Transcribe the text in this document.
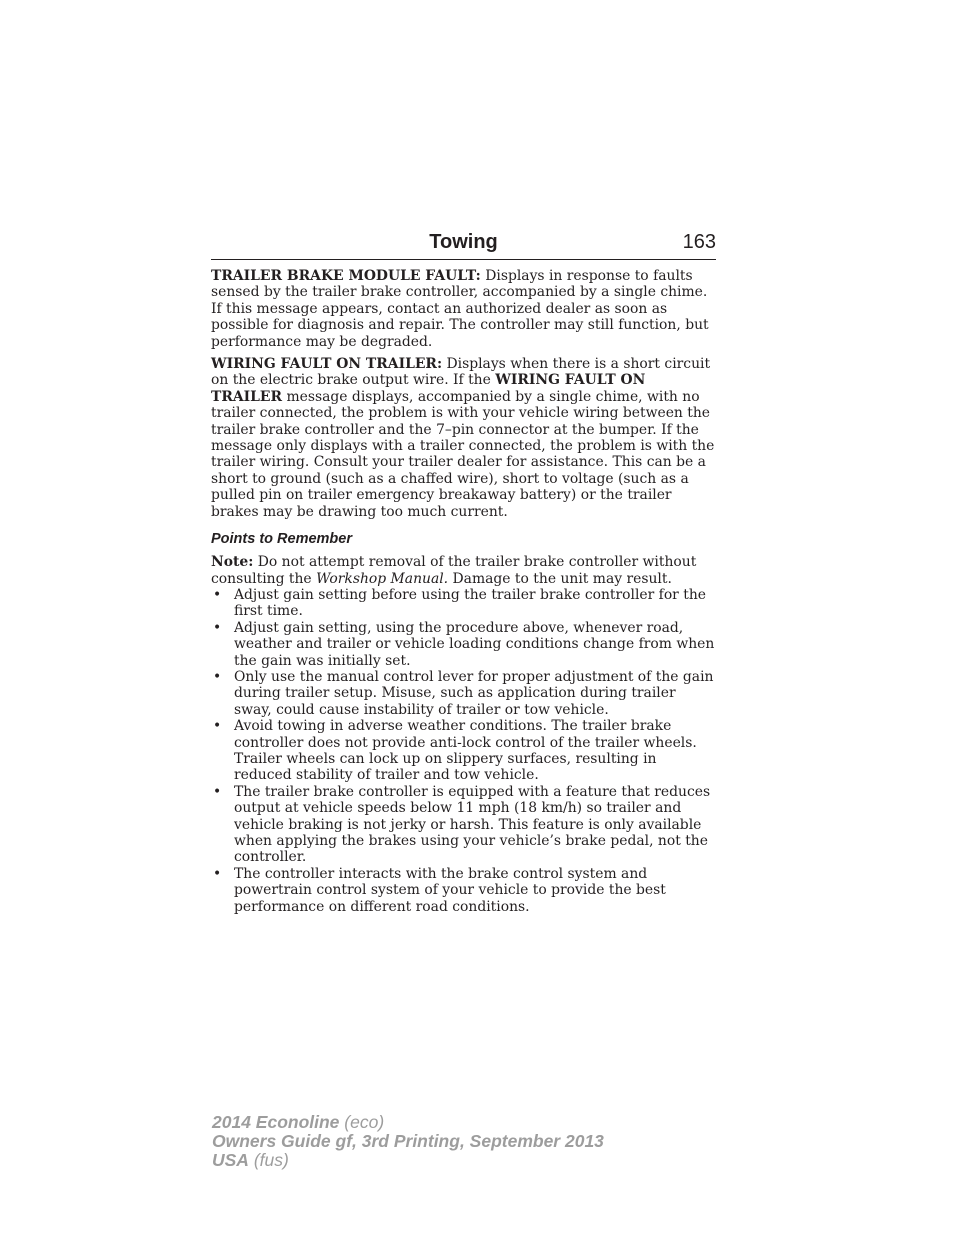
Towing	163

TRAILER BRAKE MODULE FAULT: Displays in response to faults sensed by the trailer brake controller, accompanied by a single chime. If this message appears, contact an authorized dealer as soon as possible for diagnosis and repair. The controller may still function, but performance may be degraded.

WIRING FAULT ON TRAILER: Displays when there is a short circuit on the electric brake output wire. If the WIRING FAULT ON TRAILER message displays, accompanied by a single chime, with no trailer connected, the problem is with your vehicle wiring between the trailer brake controller and the 7–pin connector at the bumper. If the message only displays with a trailer connected, the problem is with the trailer wiring. Consult your trailer dealer for assistance. This can be a short to ground (such as a chaffed wire), short to voltage (such as a pulled pin on trailer emergency breakaway battery) or the trailer brakes may be drawing too much current.

Points to Remember

Note: Do not attempt removal of the trailer brake controller without consulting the Workshop Manual. Damage to the unit may result.

• Adjust gain setting before using the trailer brake controller for the first time.
• Adjust gain setting, using the procedure above, whenever road, weather and trailer or vehicle loading conditions change from when the gain was initially set.
• Only use the manual control lever for proper adjustment of the gain during trailer setup. Misuse, such as application during trailer sway, could cause instability of trailer or tow vehicle.
• Avoid towing in adverse weather conditions. The trailer brake controller does not provide anti-lock control of the trailer wheels. Trailer wheels can lock up on slippery surfaces, resulting in reduced stability of trailer and tow vehicle.
• The trailer brake controller is equipped with a feature that reduces output at vehicle speeds below 11 mph (18 km/h) so trailer and vehicle braking is not jerky or harsh. This feature is only available when applying the brakes using your vehicle’s brake pedal, not the controller.
• The controller interacts with the brake control system and powertrain control system of your vehicle to provide the best performance on different road conditions.
2014 Econoline (eco)
Owners Guide gf, 3rd Printing, September 2013
USA (fus)
